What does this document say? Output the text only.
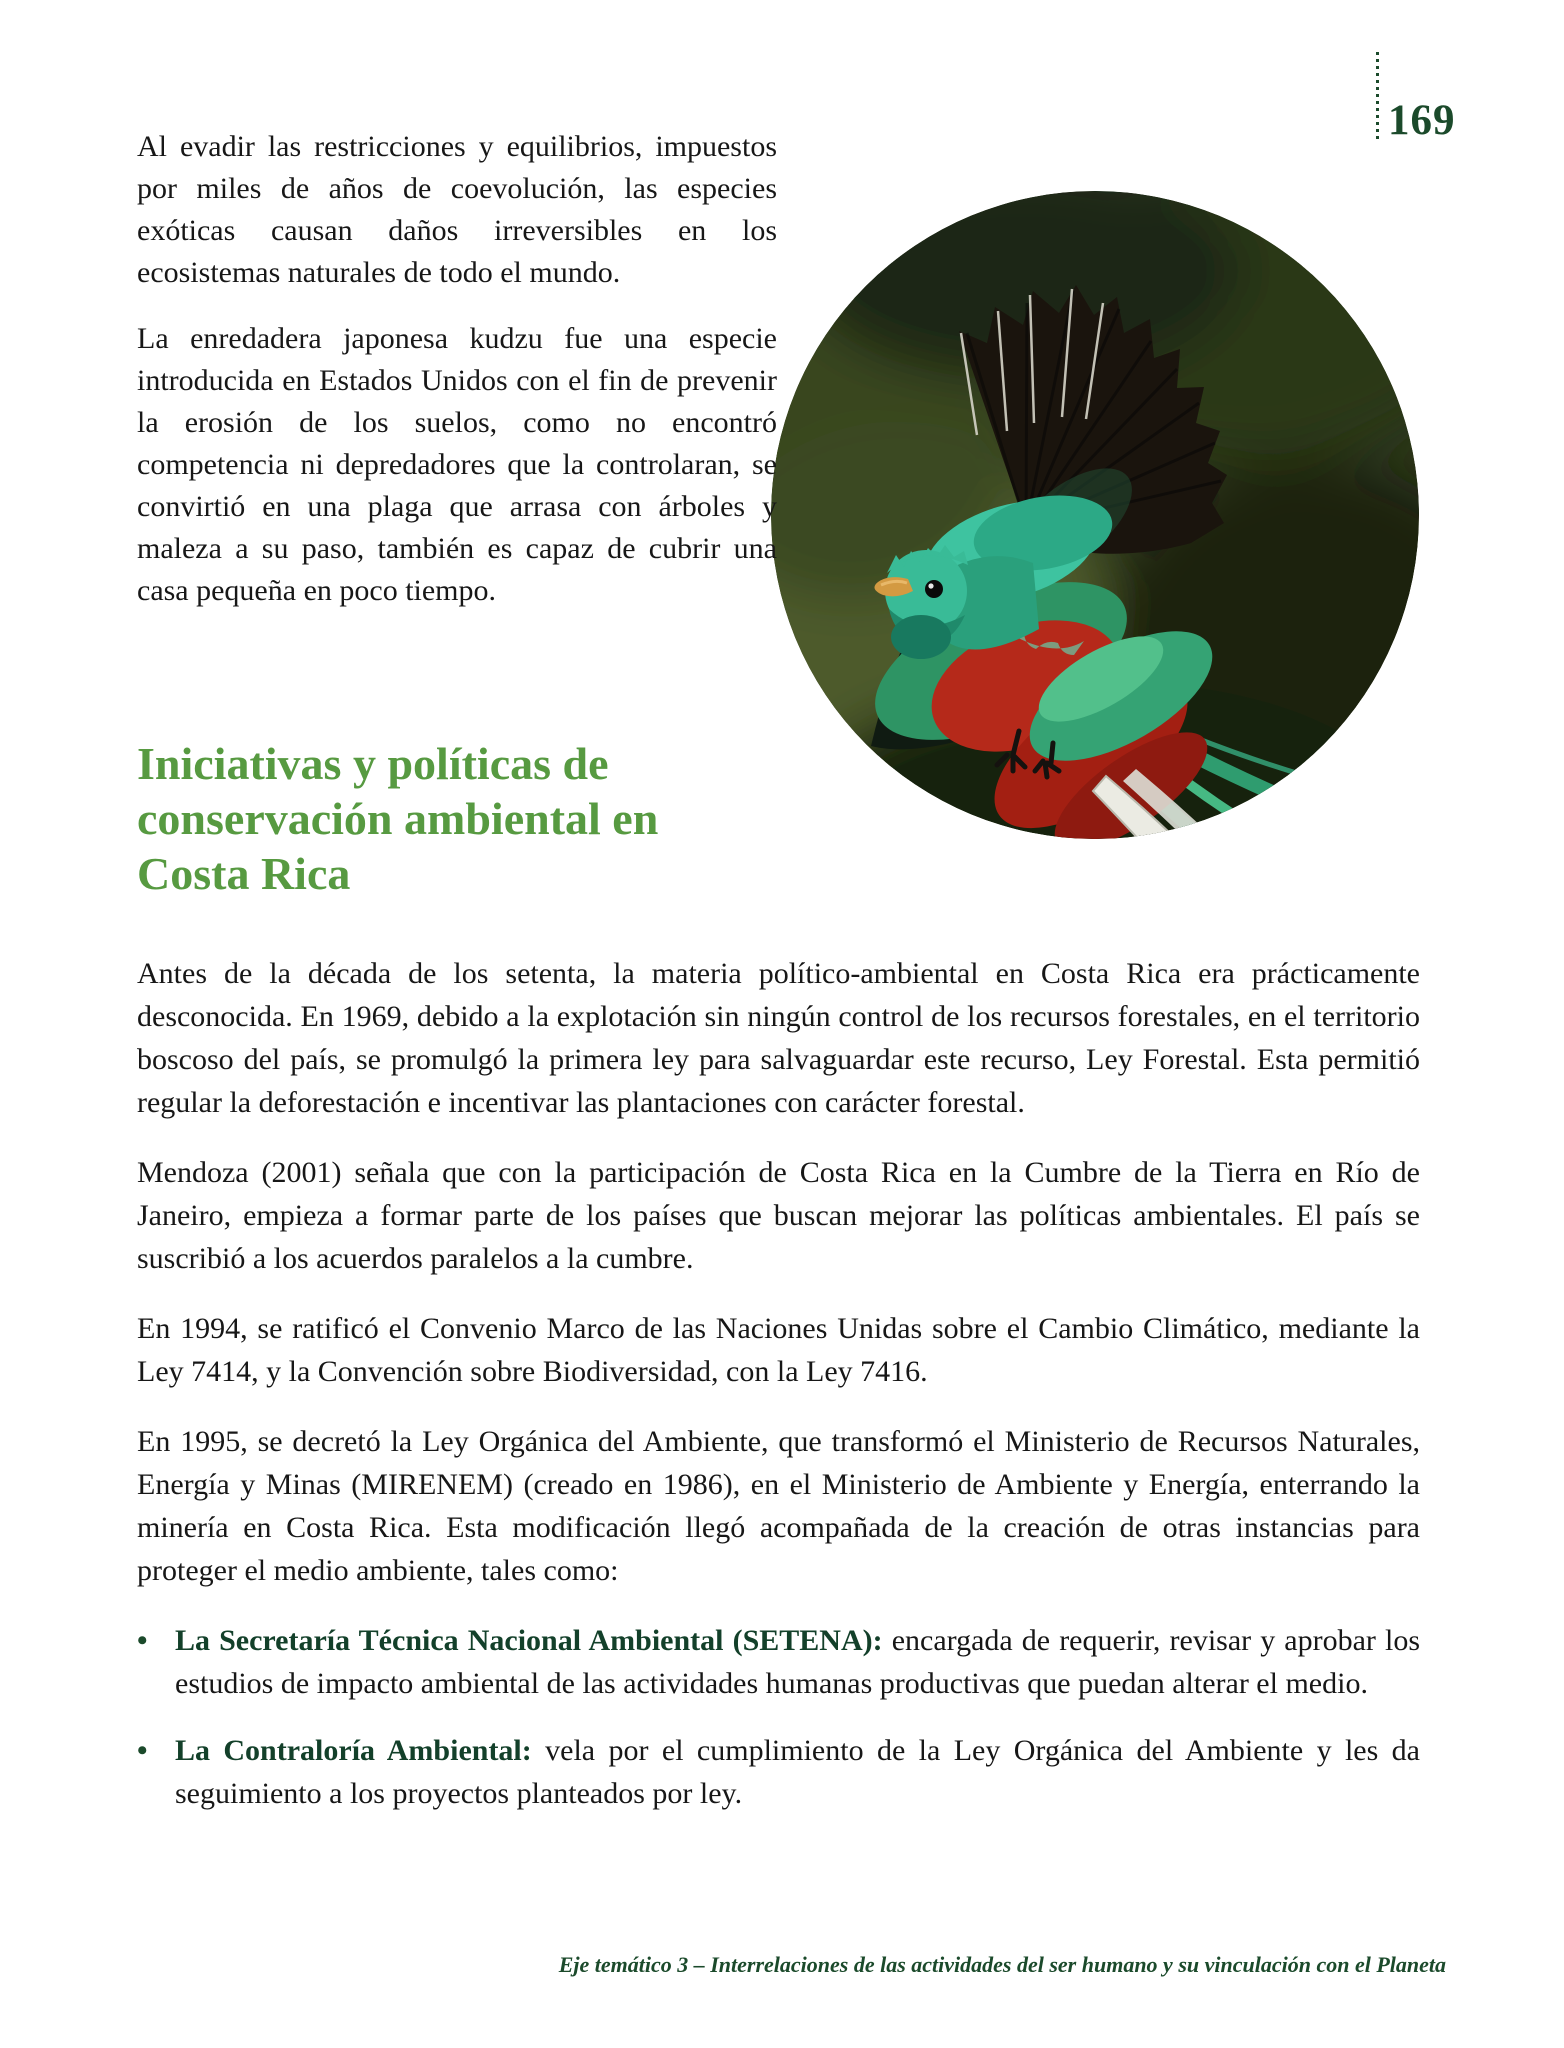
169

Al evadir las restricciones y equilibrios, impuestos por miles de años de coevolución, las especies exóticas causan daños irreversibles en los ecosistemas naturales de todo el mundo.

La enredadera japonesa kudzu fue una especie introducida en Estados Unidos con el fin de prevenir la erosión de los suelos, como no encontró competencia ni depredadores que la controlaran, se convirtió en una plaga que arrasa con árboles y maleza a su paso, también es capaz de cubrir una casa pequeña en poco tiempo.

Iniciativas y políticas de
conservación ambiental en
Costa Rica

Antes de la década de los setenta, la materia político-ambiental en Costa Rica era prácticamente desconocida. En 1969, debido a la explotación sin ningún control de los recursos forestales, en el territorio boscoso del país, se promulgó la primera ley para salvaguardar este recurso, Ley Forestal. Esta permitió regular la deforestación e incentivar las plantaciones con carácter forestal.

Mendoza (2001) señala que con la participación de Costa Rica en la Cumbre de la Tierra en Río de Janeiro, empieza a formar parte de los países que buscan mejorar las políticas ambientales. El país se suscribió a los acuerdos paralelos a la cumbre.

En 1994, se ratificó el Convenio Marco de las Naciones Unidas sobre el Cambio Climático, mediante la Ley 7414, y la Convención sobre Biodiversidad, con la Ley 7416.

En 1995, se decretó la Ley Orgánica del Ambiente, que transformó el Ministerio de Recursos Naturales, Energía y Minas (MIRENEM) (creado en 1986), en el Ministerio de Ambiente y Energía, enterrando la minería en Costa Rica. Esta modificación llegó acompañada de la creación de otras instancias para proteger el medio ambiente, tales como:

• La Secretaría Técnica Nacional Ambiental (SETENA): encargada de requerir, revisar y aprobar los estudios de impacto ambiental de las actividades humanas productivas que puedan alterar el medio.
• La Contraloría Ambiental: vela por el cumplimiento de la Ley Orgánica del Ambiente y les da seguimiento a los proyectos planteados por ley.
Eje temático 3 – Interrelaciones de las actividades del ser humano y su vinculación con el Planeta
